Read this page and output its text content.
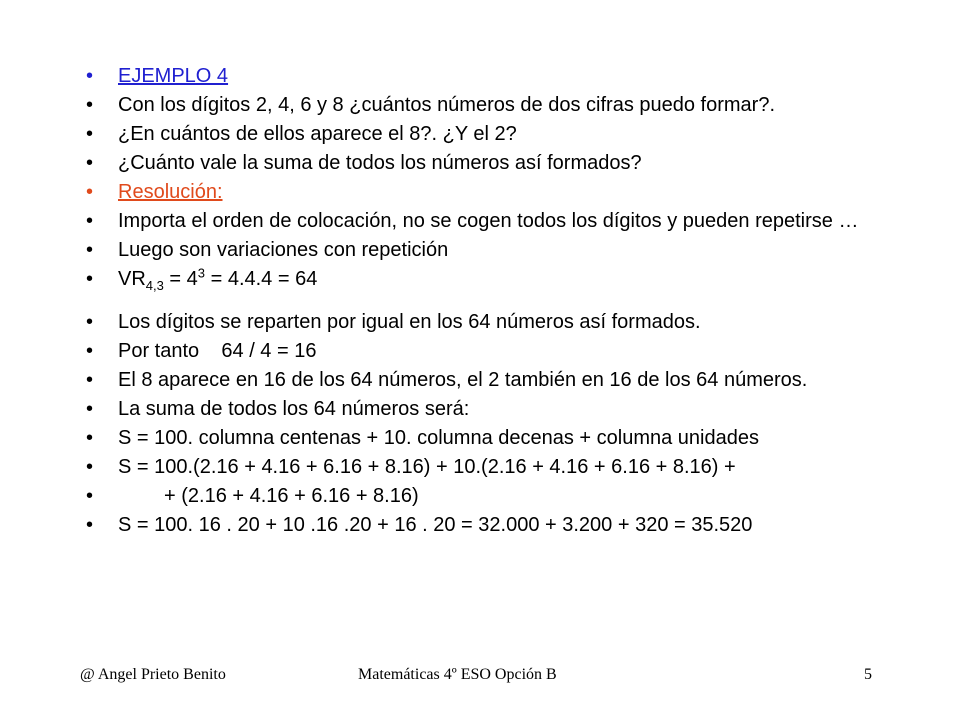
• EJEMPLO 4
• Con los dígitos 2, 4, 6 y 8 ¿cuántos números de dos cifras puedo formar?.
• ¿En cuántos de ellos aparece el 8?. ¿Y el 2?
• ¿Cuánto vale la suma de todos los números así formados?
• Resolución:
• Importa el orden de colocación, no se cogen todos los dígitos y pueden repetirse …
• Luego son variaciones con repetición
• $VR_{4,3} = 4^3 = 4.4.4 = 64$
• Los dígitos se reparten por igual en los 64 números así formados.
• Por tanto    64 / 4 = 16
• El 8 aparece en 16 de los 64 números, el 2 también en 16 de los 64 números.
• La suma de todos los 64 números será:
• S = 100. columna centenas + 10. columna decenas + columna unidades
• S = 100.(2.16 + 4.16 + 6.16 + 8.16) + 10.(2.16 + 4.16 + 6.16 + 8.16) +
•	+ (2.16 + 4.16 + 6.16 + 8.16)
• S = 100. 16 . 20 + 10 .16 .20 + 16 . 20 = 32.000 + 3.200 + 320 = 35.520
@ Angel Prieto Benito	Matemáticas 4º ESO Opción B	5
